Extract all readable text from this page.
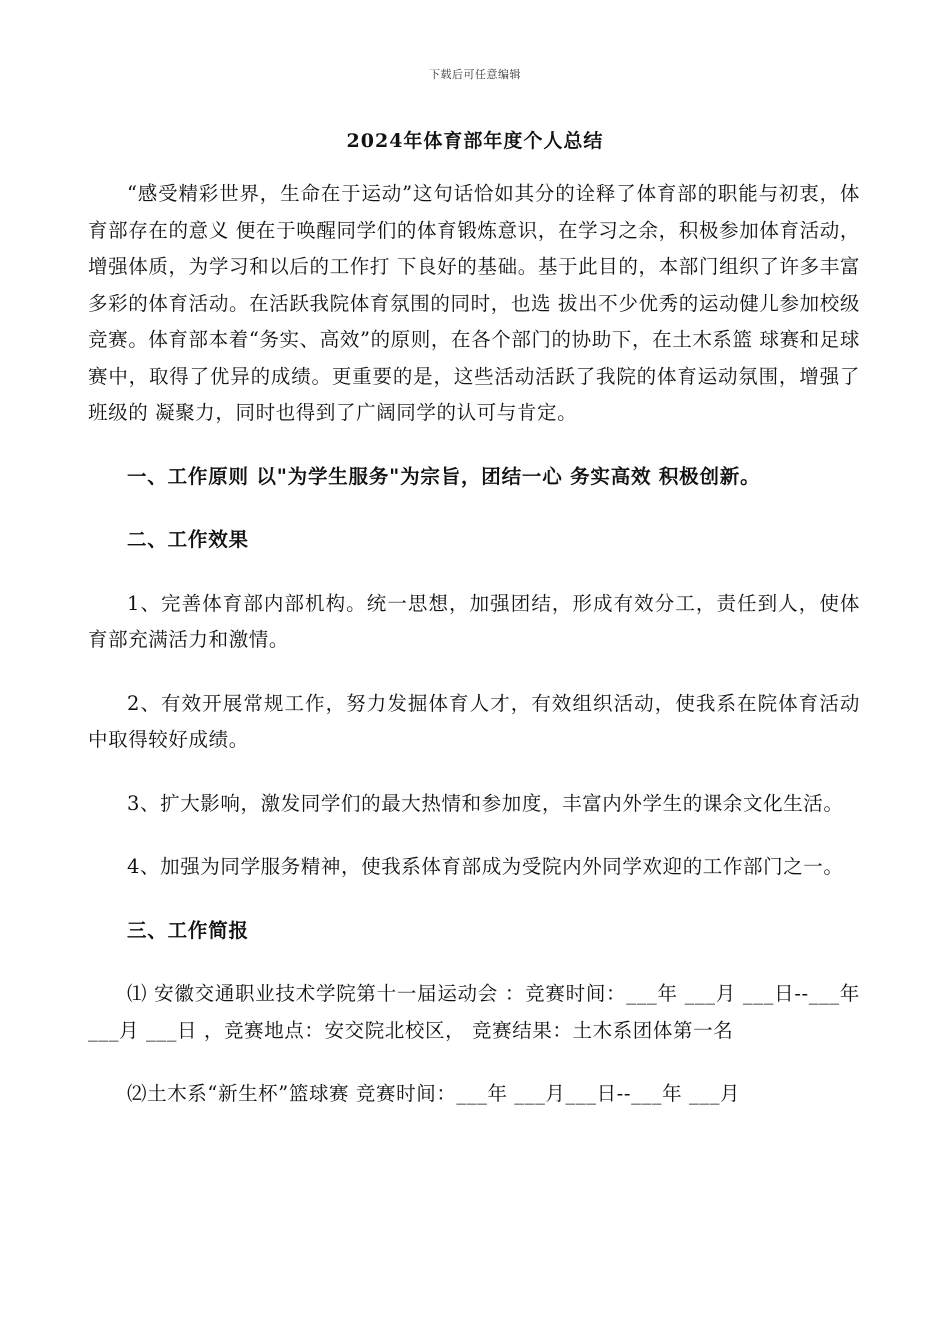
下载后可任意编辑
2024年体育部年度个人总结

“感受精彩世界，生命在于运动”这句话恰如其分的诠释了体育部的职能与初衷，体育部存在的意义 便在于唤醒同学们的体育锻炼意识，在学习之余，积极参加体育活动，增强体质，为学习和以后的工作打 下良好的基础。基于此目的，本部门组织了许多丰富多彩的体育活动。在活跃我院体育氛围的同时，也选 拔出不少优秀的运动健儿参加校级竞赛。体育部本着“务实、高效”的原则，在各个部门的协助下，在土木系篮 球赛和足球赛中，取得了优异的成绩。更重要的是，这些活动活跃了我院的体育运动氛围，增强了班级的 凝聚力，同时也得到了广阔同学的认可与肯定。

一、工作原则 以"为学生服务"为宗旨，团结一心 务实高效 积极创新。

二、工作效果

1、完善体育部内部机构。统一思想，加强团结，形成有效分工，责任到人，使体育部充满活力和激情。

2、有效开展常规工作，努力发掘体育人才，有效组织活动，使我系在院体育活动中取得较好成绩。

3、扩大影响，激发同学们的最大热情和参加度，丰富内外学生的课余文化生活。

4、加强为同学服务精神，使我系体育部成为受院内外同学欢迎的工作部门之一。

三、工作简报

⑴ 安徽交通职业技术学院第十一届运动会 ：竞赛时间：___年 ___月 ___日--___年 ___月 ___日 ，竞赛地点：安交院北校区， 竞赛结果：土木系团体第一名

⑵土木系“新生杯”篮球赛 竞赛时间：___年 ___月___日--___年 ___月
